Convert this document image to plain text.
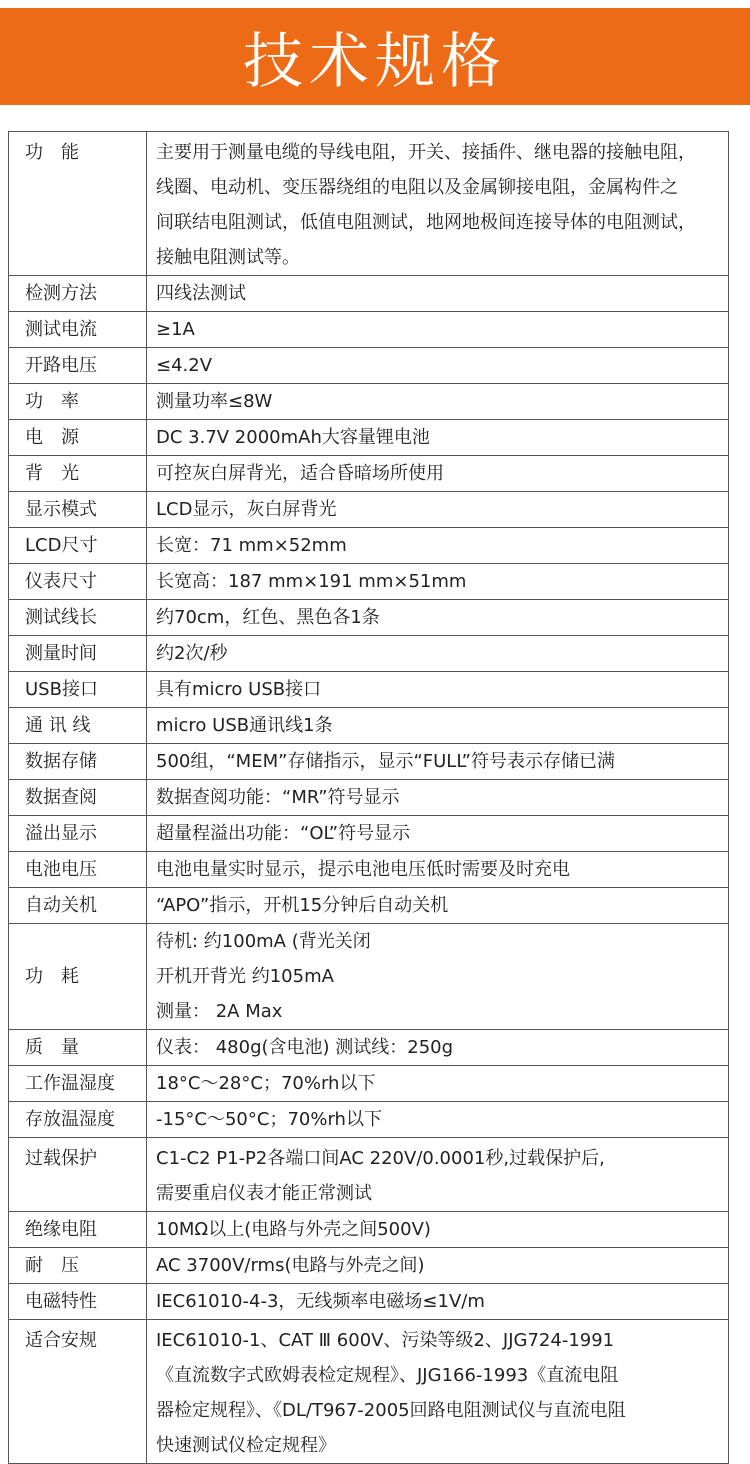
技术规格
功　能	主要用于测量电缆的导线电阻，开关、接插件、继电器的接触电阻，
线圈、电动机、变压器绕组的电阻以及金属铆接电阻，金属构件之
间联结电阻测试，低值电阻测试，地网地极间连接导体的电阻测试，
接触电阻测试等。

检测方法	四线法测试

测试电流	≥1A

开路电压	≤4.2V

功　率	测量功率≤8W

电　源	DC 3.7V 2000mAh大容量锂电池

背　光	可控灰白屏背光，适合昏暗场所使用

显示模式	LCD显示，灰白屏背光

LCD尺寸	长宽：71 mm×52mm

仪表尺寸	长宽高：187 mm×191 mm×51mm

测试线长	约70cm，红色、黑色各1条

测量时间	约2次/秒

USB接口	具有micro USB接口

通 讯 线	micro USB通讯线1条

数据存储	500组，“MEM”存储指示，显示“FULL”符号表示存储已满

数据查阅	数据查阅功能：“MR”符号显示

溢出显示	超量程溢出功能：“OL”符号显示

电池电压	电池电量实时显示，提示电池电压低时需要及时充电

自动关机	“APO”指示，开机15分钟后自动关机

功　耗	待机: 约100mA (背光关闭
开机开背光 约105mA
测量： 2A Max

质　量	仪表： 480g(含电池) 测试线：250g

工作温湿度	18°C～28°C；70%rh以下

存放温湿度	-15°C～50°C；70%rh以下

过载保护	C1-C2 P1-P2各端口间AC 220V/0.0001秒,过载保护后,
需要重启仪表才能正常测试

绝缘电阻	10MΩ以上(电路与外壳之间500V)

耐　压	AC 3700V/rms(电路与外壳之间)

电磁特性	IEC61010-4-3，无线频率电磁场≤1V/m

适合安规	IEC61010-1、CAT Ⅲ 600V、污染等级2、JJG724-1991
《直流数字式欧姆表检定规程》、JJG166-1993《直流电阻
器检定规程》、《DL/T967-2005回路电阻测试仪与直流电阻
快速测试仪检定规程》
